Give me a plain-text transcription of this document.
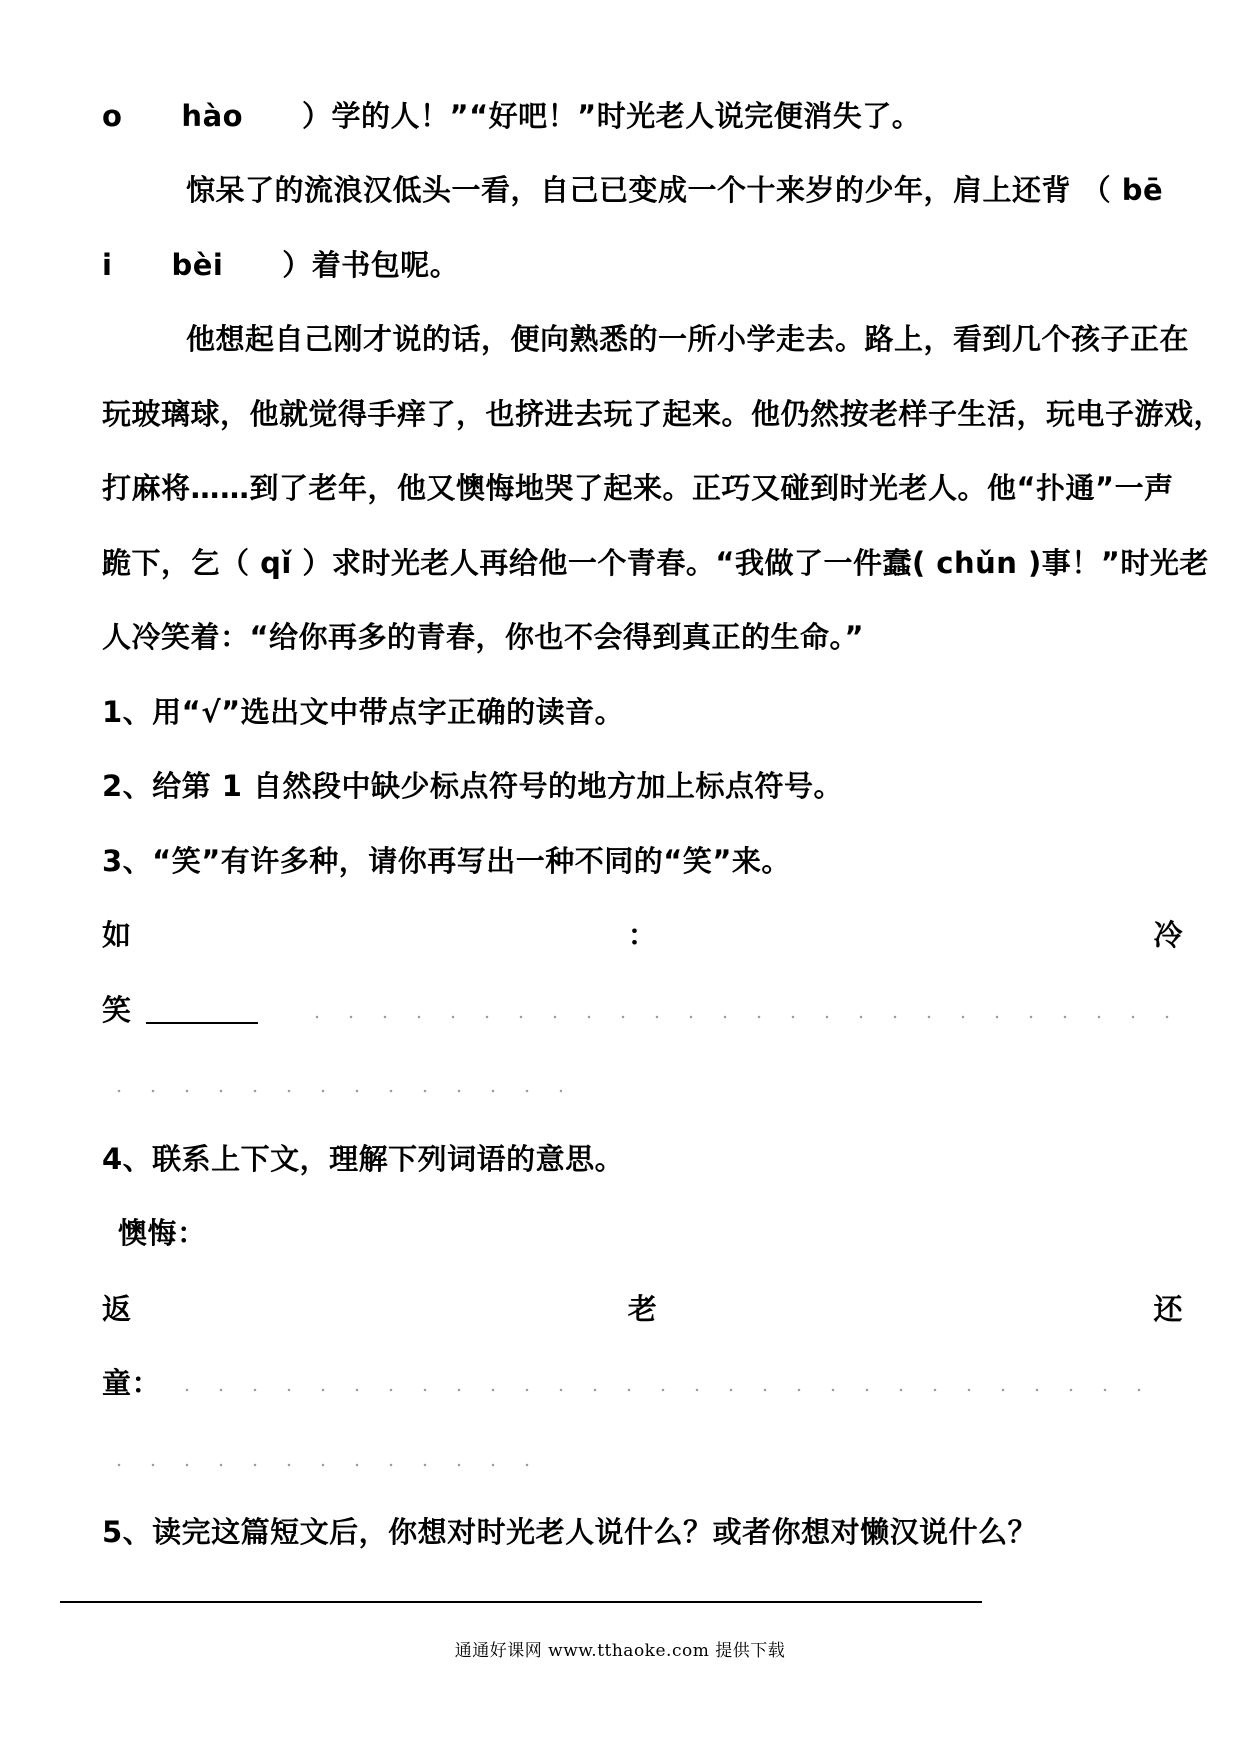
o　　hào　　）学的人！”“好吧！”时光老人说完便消失了。
惊呆了的流浪汉低头一看，自己已变成一个十来岁的少年，肩上还背 （ bē
i　　bèi　　）着书包呢。
他想起自己刚才说的话，便向熟悉的一所小学走去。路上，看到几个孩子正在
玩玻璃球，他就觉得手痒了，也挤进去玩了起来。他仍然按老样子生活，玩电子游戏，
打麻将……到了老年，他又懊悔地哭了起来。正巧又碰到时光老人。他“扑通”一声
跪下，乞（ qǐ ）求时光老人再给他一个青春。“我做了一件蠢( chǔn )事！”时光老
人冷笑着：“给你再多的青春，你也不会得到真正的生命。”
1、用“√”选出文中带点字正确的读音。
2、给第 1 自然段中缺少标点符号的地方加上标点符号。
3、“笑”有许多种，请你再写出一种不同的“笑”来。
如	：	冷
笑
4、联系上下文，理解下列词语的意思。
懊悔：
返	老	还
童：
5、读完这篇短文后，你想对时光老人说什么？或者你想对懒汉说什么？
通通好课网 www.tthaoke.com 提供下载
